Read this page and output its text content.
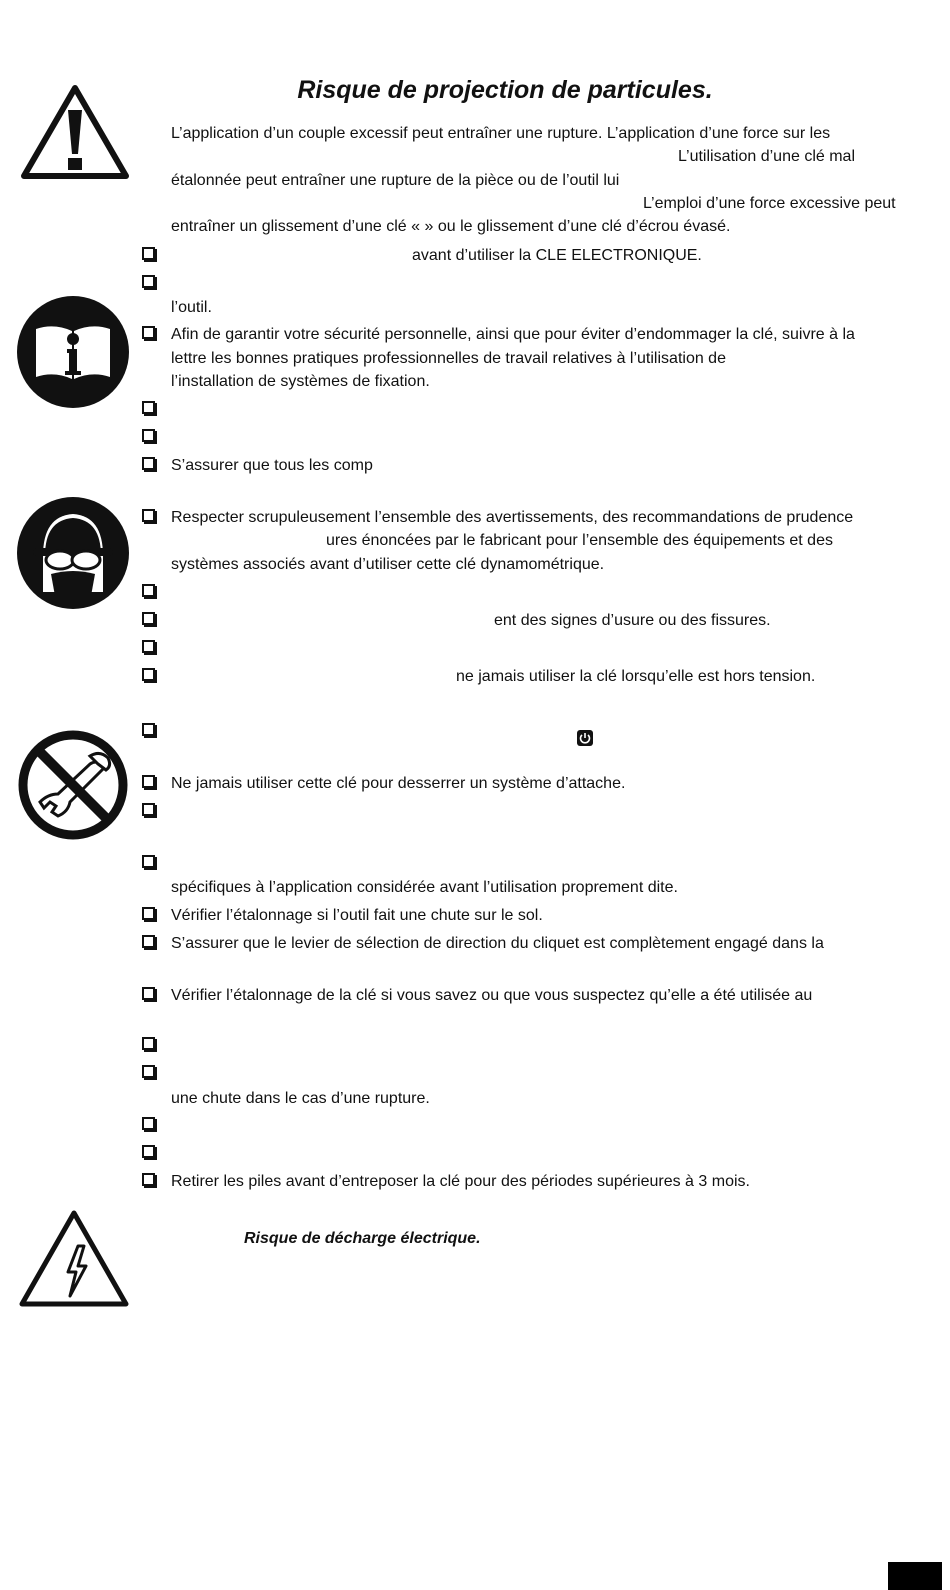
Risque de projection de particules.
L’application d’un couple excessif peut entraîner une rupture. L’application d’une force sur les
L’utilisation d’une clé mal
étalonnée peut entraîner une rupture de la pièce ou de l’outil lui
L’emploi d’une force excessive peut
entraîner un glissement d’une clé « » ou le glissement d’une clé d’écrou évasé.
avant d’utiliser la CLE ELECTRONIQUE.
l’outil.
Afin de garantir votre sécurité personnelle, ainsi que pour éviter d’endommager la clé, suivre à la
lettre les bonnes pratiques professionnelles de travail relatives à l’utilisation de
l’installation de systèmes de fixation.
S’assurer que tous les comp
Respecter scrupuleusement l’ensemble des avertissements, des recommandations de prudence
ures énoncées par le fabricant pour l’ensemble des équipements et des
systèmes associés avant d’utiliser cette clé dynamométrique.
ent des signes d’usure ou des fissures.
ne jamais utiliser la clé lorsqu’elle est hors tension.
Ne jamais utiliser cette clé pour desserrer un système d’attache.
spécifiques à l’application considérée avant l’utilisation proprement dite.
Vérifier l’étalonnage si l’outil fait une chute sur le sol.
S’assurer que le levier de sélection de direction du cliquet est complètement engagé dans la
Vérifier l’étalonnage de la clé si vous savez ou que vous suspectez qu’elle a été utilisée au
une chute dans le cas d’une rupture.
Retirer les piles avant d’entreposer la clé pour des périodes supérieures à 3 mois.
Risque de décharge électrique.
